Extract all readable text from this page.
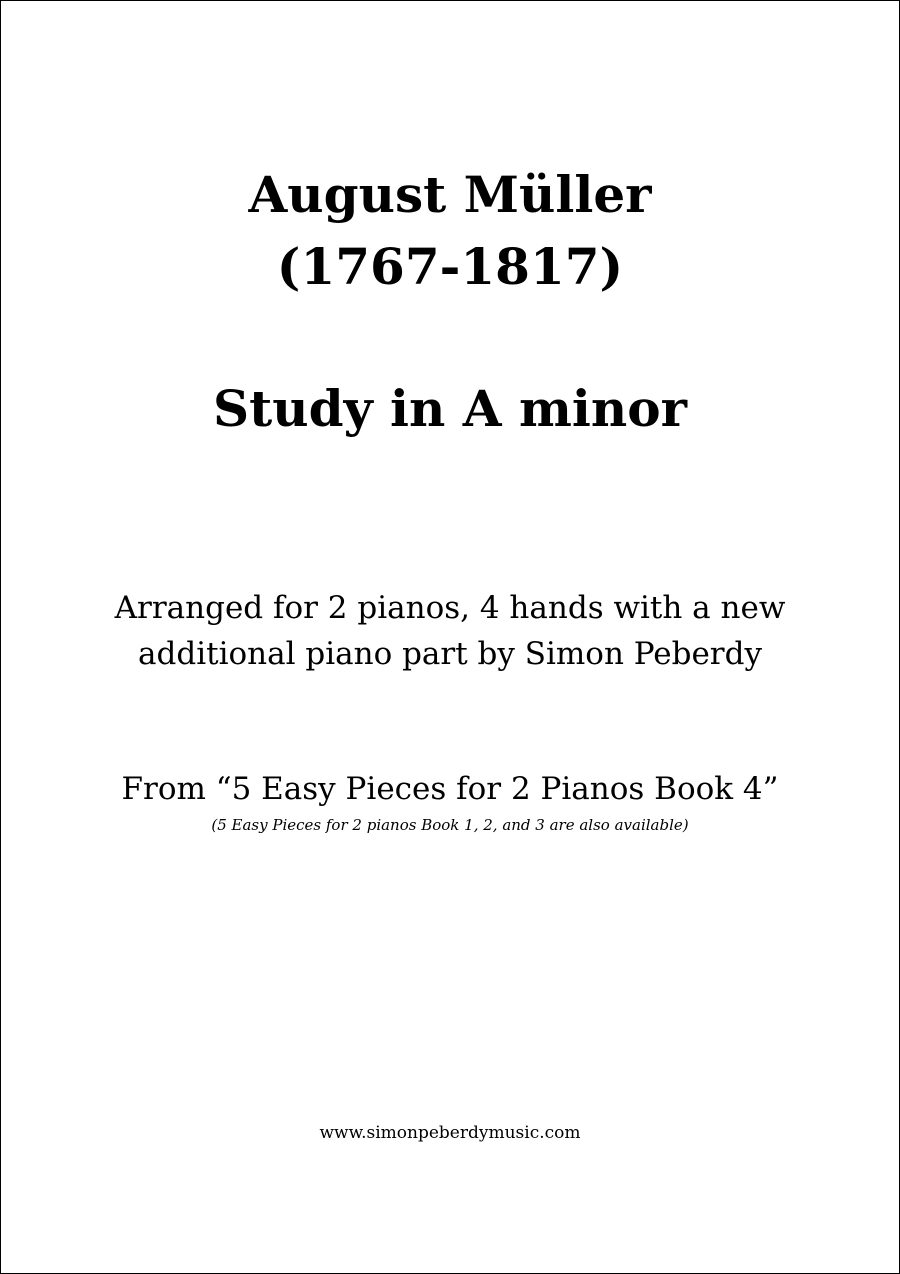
August Müller
(1767-1817)
Study in A minor
Arranged for 2 pianos, 4 hands with a new
additional piano part by Simon Peberdy
From “5 Easy Pieces for 2 Pianos Book 4”
(5 Easy Pieces for 2 pianos Book 1, 2, and 3 are also available)
www.simonpeberdymusic.com
